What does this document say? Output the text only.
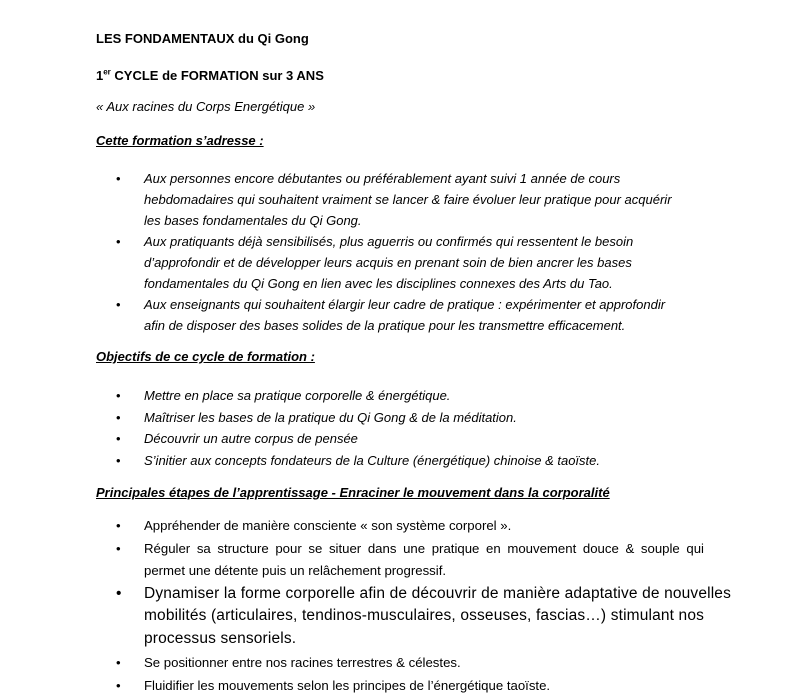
LES FONDAMENTAUX du Qi Gong
1er CYCLE de FORMATION sur 3 ANS
« Aux racines du Corps Energétique »
Cette formation s’adresse :
• Aux personnes encore débutantes ou préférablement ayant suivi 1 année de cours
hebdomadaires qui souhaitent vraiment se lancer & faire évoluer leur pratique pour acquérir
les bases fondamentales du Qi Gong.
• Aux pratiquants déjà sensibilisés, plus aguerris ou confirmés qui ressentent le besoin
d’approfondir et de développer leurs acquis en prenant soin de bien ancrer les bases
fondamentales du Qi Gong en lien avec les disciplines connexes des Arts du Tao.
• Aux enseignants qui souhaitent élargir leur cadre de pratique : expérimenter et approfondir
afin de disposer des bases solides de la pratique pour les transmettre efficacement.
Objectifs de ce cycle de formation :
• Mettre en place sa pratique corporelle & énergétique.
• Maîtriser les bases de la pratique du Qi Gong & de la méditation.
• Découvrir un autre corpus de pensée
• S’initier aux concepts fondateurs de la Culture (énergétique) chinoise & taoïste.
Principales étapes de l’apprentissage - Enraciner le mouvement dans la corporalité
• Appréhender de manière consciente « son système corporel ».
• Réguler sa structure pour se situer dans une pratique en mouvement douce & souple qui
permet une détente puis un relâchement progressif.
• Dynamiser la forme corporelle afin de découvrir de manière adaptative de nouvelles
mobilités (articulaires, tendinos-musculaires, osseuses, fascias…) stimulant nos
processus sensoriels.
• Se positionner entre nos racines terrestres & célestes.
• Fluidifier les mouvements selon les principes de l’énergétique taoïste.
